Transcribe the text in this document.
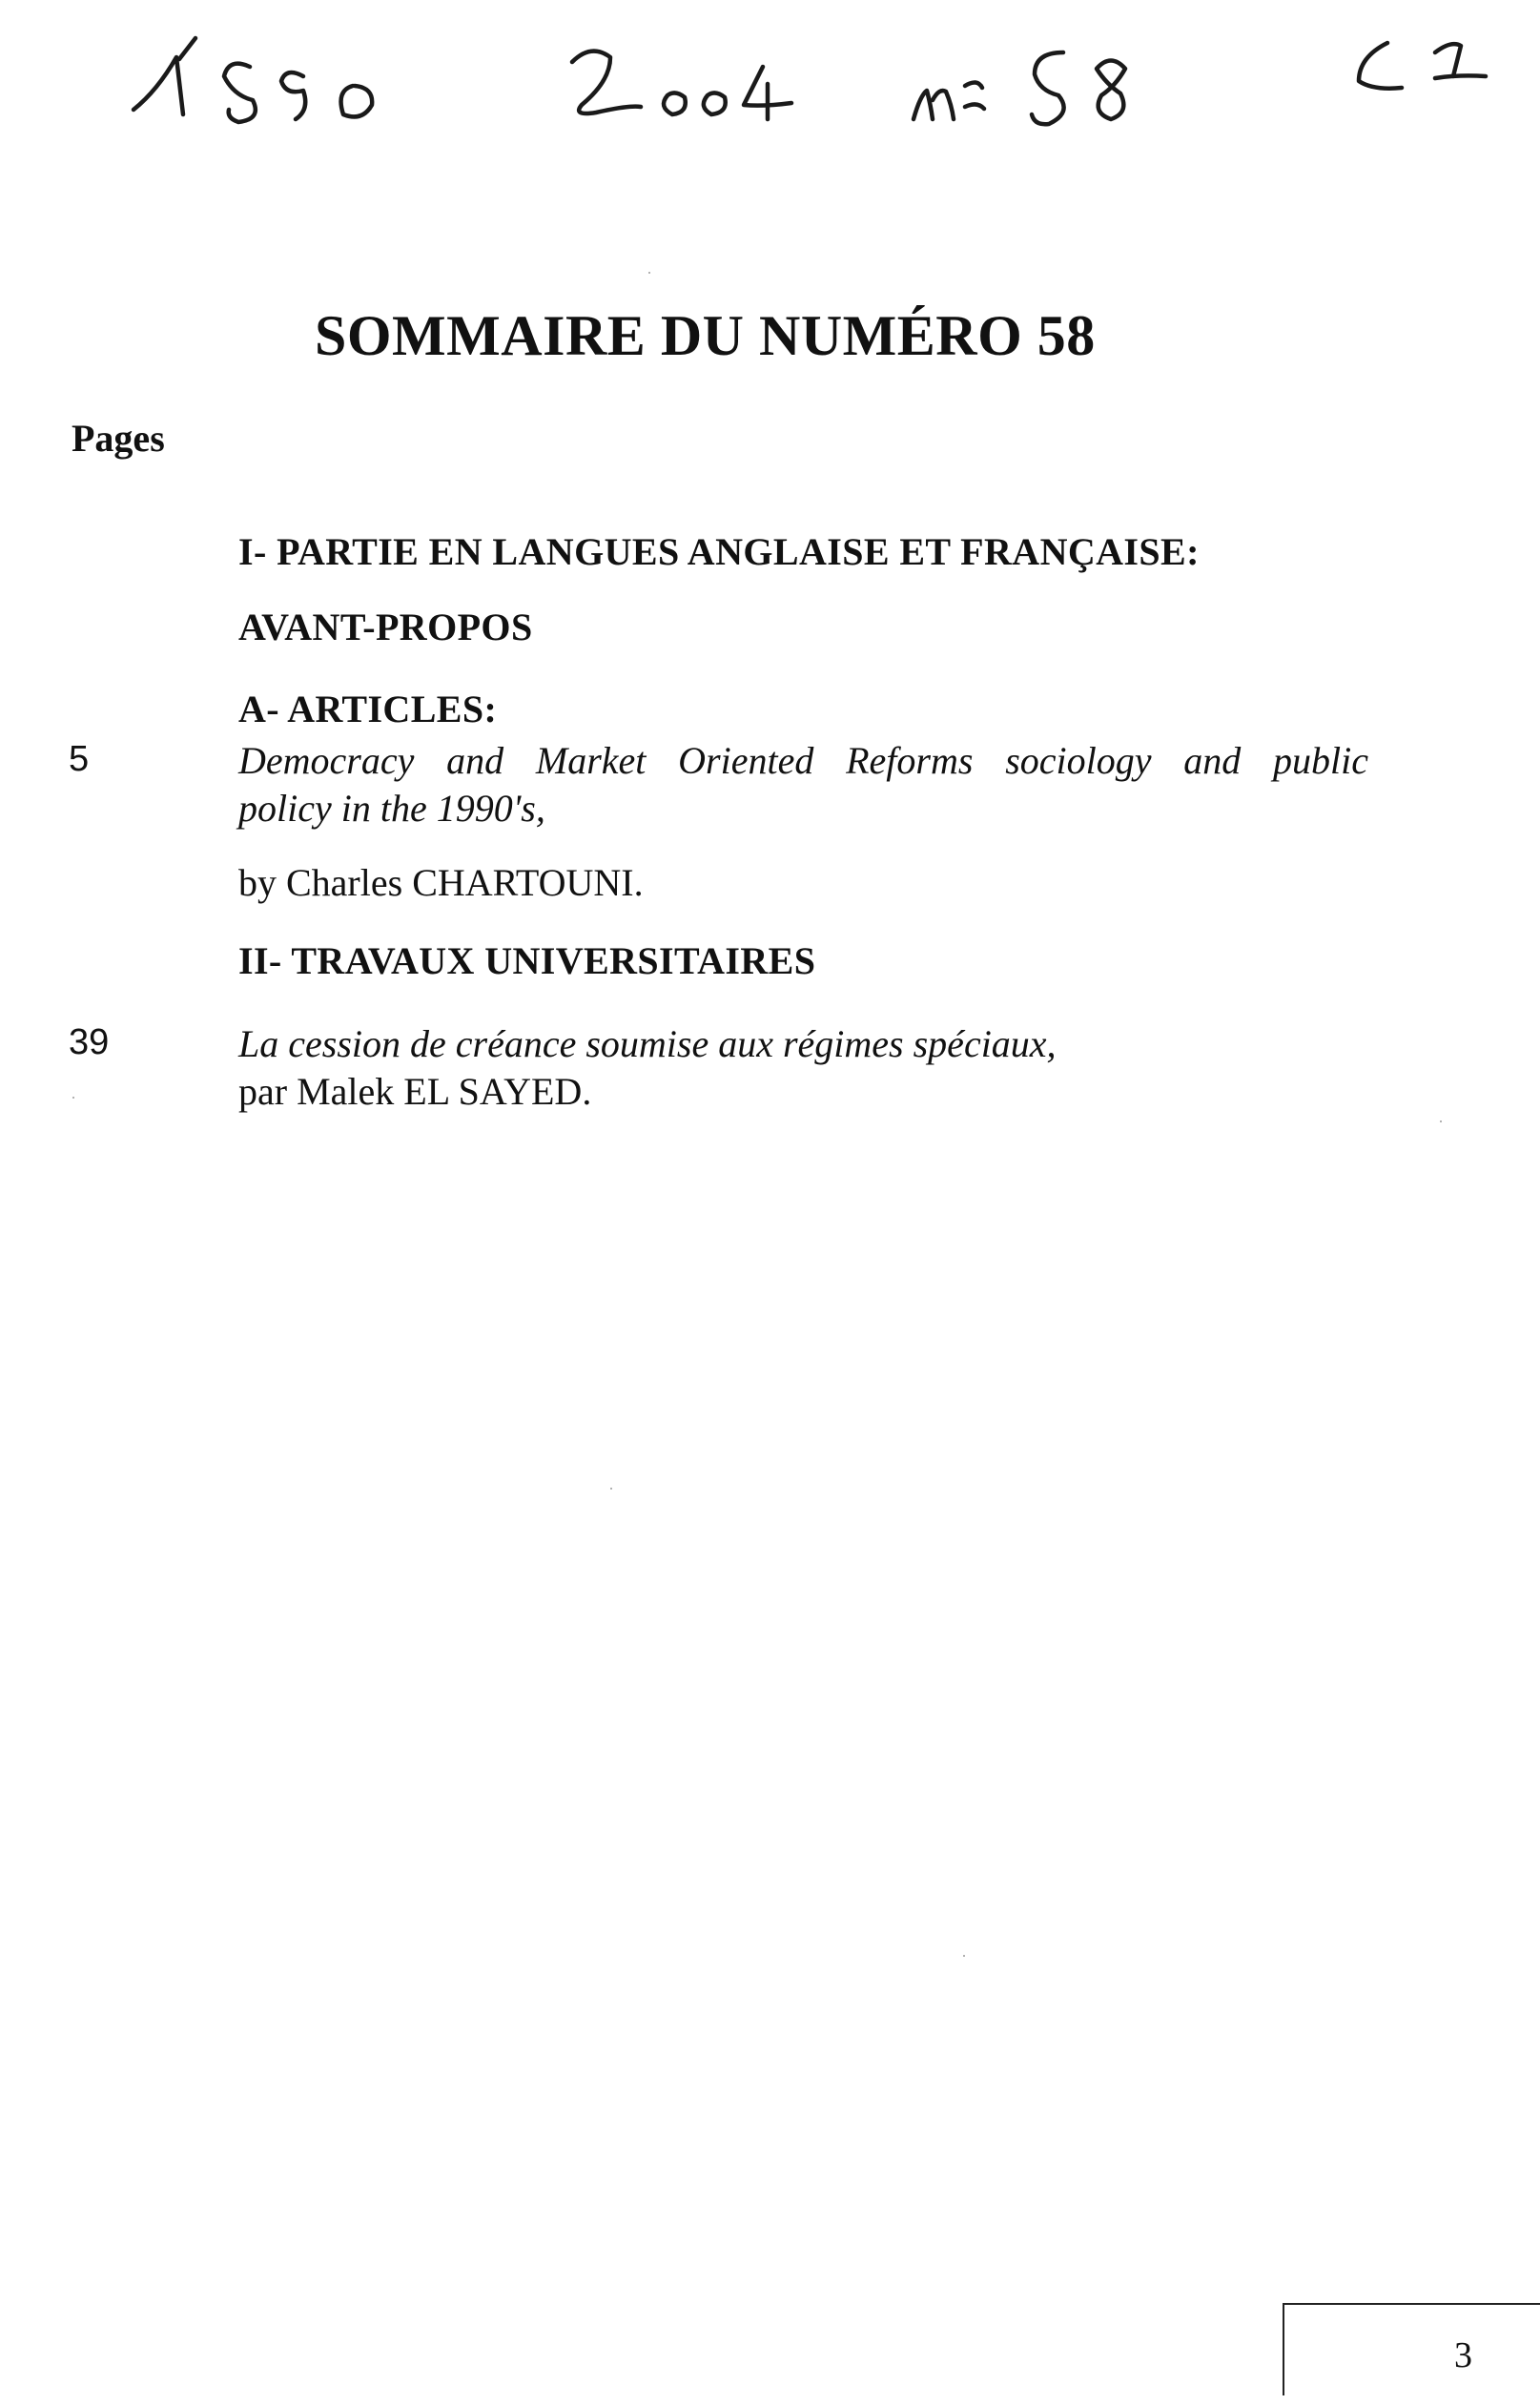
SOMMAIRE DU NUMÉRO 58
Pages
I- PARTIE EN LANGUES ANGLAISE ET FRANÇAISE:
AVANT-PROPOS
A- ARTICLES:
5	Democracy and Market Oriented Reforms sociology and public
policy in the 1990's,
by Charles CHARTOUNI.
II- TRAVAUX UNIVERSITAIRES
39	La cession de créance soumise aux régimes spéciaux,
par Malek EL SAYED.
3
